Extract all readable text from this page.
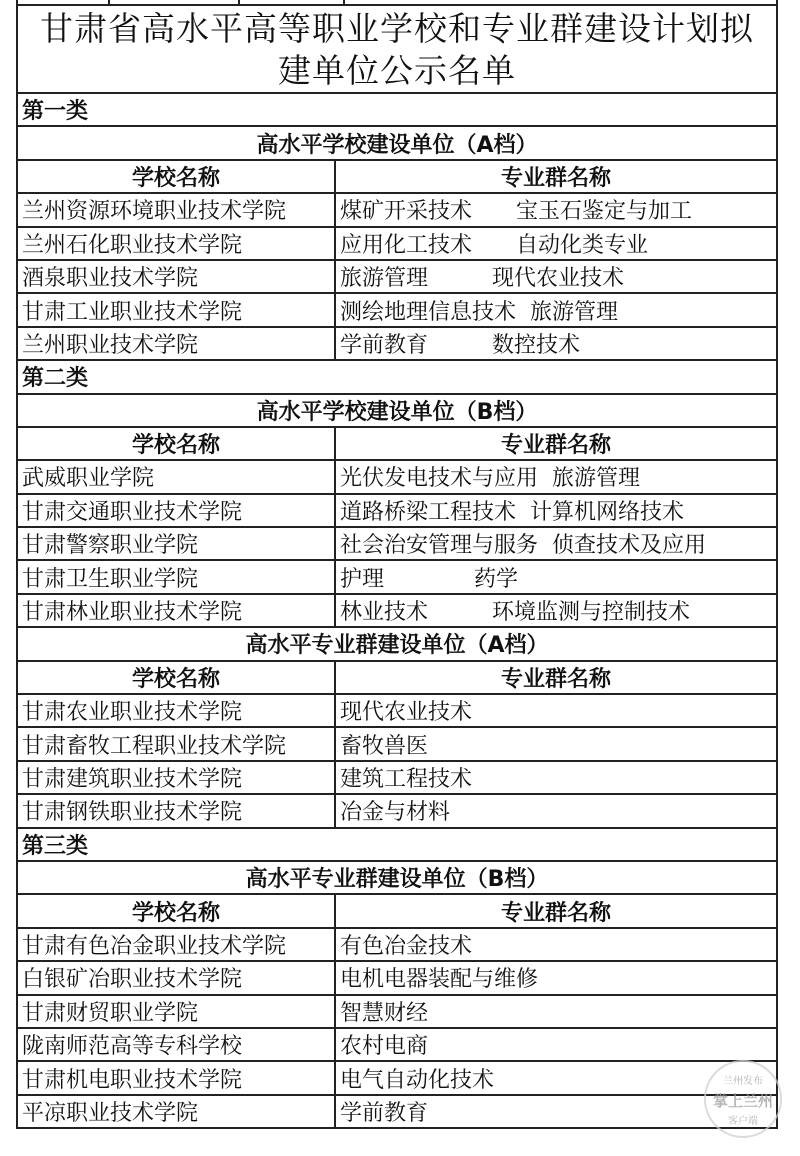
甘肃省高水平高等职业学校和专业群建设计划拟建单位公示名单
第一类	
高水平学校建设单位（A档）	
学校名称	专业群名称
兰州资源环境职业技术学院	煤矿开采技术 宝玉石鉴定与加工
兰州石化职业技术学院	应用化工技术 自动化类专业
酒泉职业技术学院	旅游管理 现代农业技术
甘肃工业职业技术学院	测绘地理信息技术 旅游管理
兰州职业技术学院	学前教育 数控技术
第二类	
高水平学校建设单位（B档）	
学校名称	专业群名称
武威职业学院	光伏发电技术与应用 旅游管理
甘肃交通职业技术学院	道路桥梁工程技术 计算机网络技术
甘肃警察职业学院	社会治安管理与服务 侦查技术及应用
甘肃卫生职业学院	护理 药学
甘肃林业职业技术学院	林业技术 环境监测与控制技术
高水平专业群建设单位（A档）	
学校名称	专业群名称
甘肃农业职业技术学院	现代农业技术
甘肃畜牧工程职业技术学院	畜牧兽医
甘肃建筑职业技术学院	建筑工程技术
甘肃钢铁职业技术学院	冶金与材料
第三类	
高水平专业群建设单位（B档）	
学校名称	专业群名称
甘肃有色冶金职业技术学院	有色冶金技术
白银矿冶职业技术学院	电机电器装配与维修
甘肃财贸职业学院	智慧财经
陇南师范高等专科学校	农村电商
甘肃机电职业技术学院	电气自动化技术
平凉职业技术学院	学前教育
兰州发布
掌上兰州
客户端
